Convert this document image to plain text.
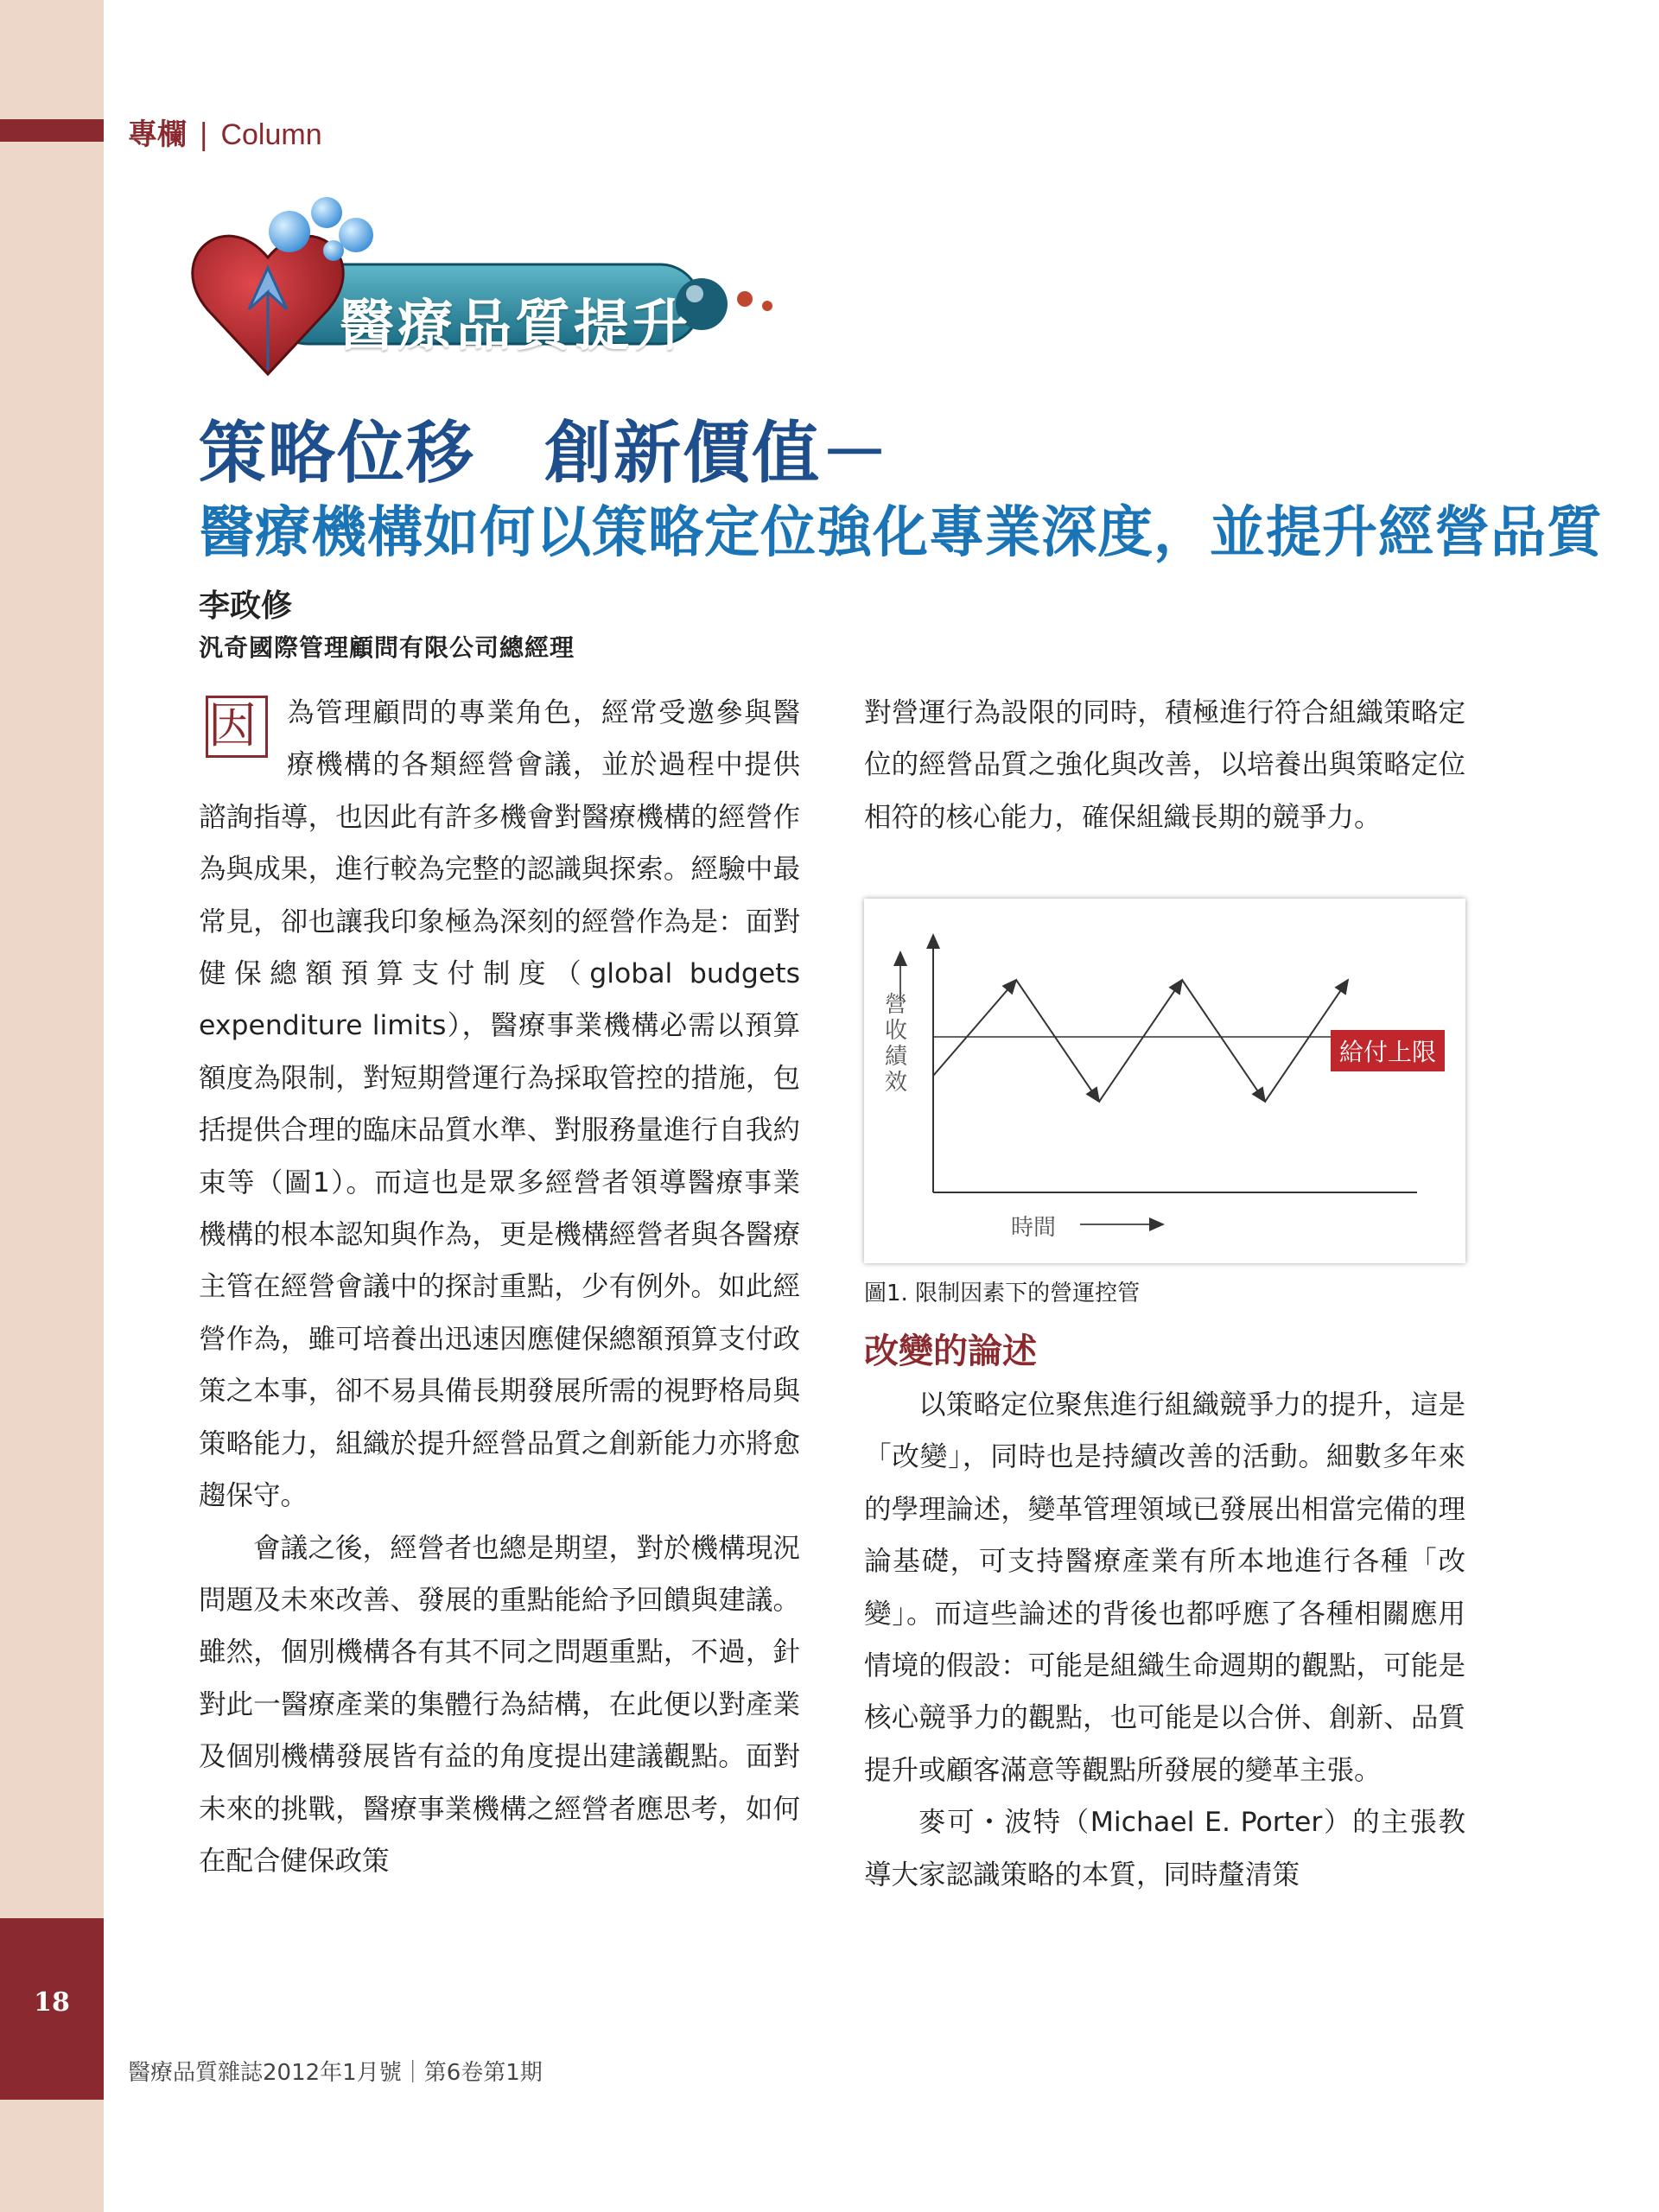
專欄 | Column
醫療品質提升
策略位移　創新價值－
醫療機構如何以策略定位強化專業深度，並提升經營品質
李政修
汎奇國際管理顧問有限公司總經理

因	為管理顧問的專業角色，經常受邀參與醫療機構的各類經營會議，並於過程中提供諮詢指導，也因此有許多機會對醫療機構的經營作為與成果，進行較為完整的認識與探索。經驗中最常見，卻也讓我印象極為深刻的經營作為是：面對健保總額預算支付制度（global budgets expenditure limits），醫療事業機構必需以預算額度為限制，對短期營運行為採取管控的措施，包括提供合理的臨床品質水準、對服務量進行自我約束等（圖1）。而這也是眾多經營者領導醫療事業機構的根本認知與作為，更是機構經營者與各醫療主管在經營會議中的探討重點，少有例外。如此經營作為，雖可培養出迅速因應健保總額預算支付政策之本事，卻不易具備長期發展所需的視野格局與策略能力，組織於提升經營品質之創新能力亦將愈趨保守。

會議之後，經營者也總是期望，對於機構現況問題及未來改善、發展的重點能給予回饋與建議。雖然，個別機構各有其不同之問題重點，不過，針對此一醫療產業的集體行為結構，在此便以對產業及個別機構發展皆有益的角度提出建議觀點。面對未來的挑戰，醫療事業機構之經營者應思考，如何在配合健保政策

對營運行為設限的同時，積極進行符合組織策略定位的經營品質之強化與改善，以培養出與策略定位相符的核心能力，確保組織長期的競爭力。

營收績效
時間
給付上限
圖1. 限制因素下的營運控管
改變的論述

以策略定位聚焦進行組織競爭力的提升，這是「改變」，同時也是持續改善的活動。細數多年來的學理論述，變革管理領域已發展出相當完備的理論基礎，可支持醫療產業有所本地進行各種「改變」。而這些論述的背後也都呼應了各種相關應用情境的假設：可能是組織生命週期的觀點，可能是核心競爭力的觀點，也可能是以合併、創新、品質提升或顧客滿意等觀點所發展的變革主張。

麥可・波特（Michael E. Porter）的主張教導大家認識策略的本質，同時釐清策

18
醫療品質雜誌2012年1月號｜第6卷第1期
